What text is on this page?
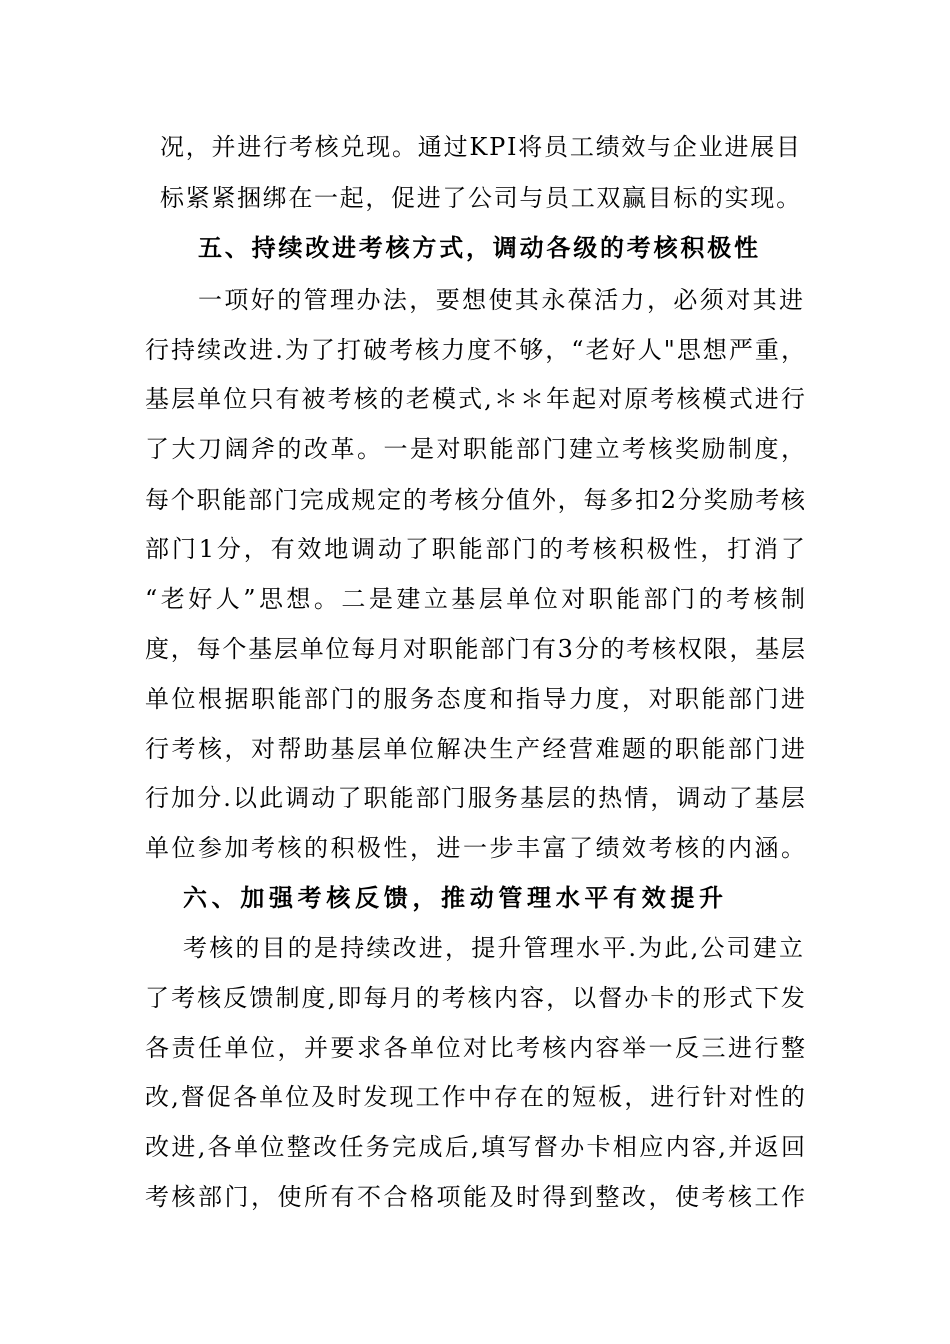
况，并进行考核兑现。通过KPI将员工绩效与企业进展目
标紧紧捆绑在一起，促进了公司与员工双赢目标的实现。
五、持续改进考核方式，调动各级的考核积极性
一项好的管理办法，要想使其永葆活力，必须对其进
行持续改进.为了打破考核力度不够，“老好人"思想严重，
基层单位只有被考核的老模式,＊＊年起对原考核模式进行
了大刀阔斧的改革。一是对职能部门建立考核奖励制度，
每个职能部门完成规定的考核分值外，每多扣2分奖励考核
部门1分，有效地调动了职能部门的考核积极性，打消了
“老好人”思想。二是建立基层单位对职能部门的考核制
度，每个基层单位每月对职能部门有3分的考核权限，基层
单位根据职能部门的服务态度和指导力度，对职能部门进
行考核，对帮助基层单位解决生产经营难题的职能部门进
行加分.以此调动了职能部门服务基层的热情，调动了基层
单位参加考核的积极性，进一步丰富了绩效考核的内涵。
六、加强考核反馈，推动管理水平有效提升
考核的目的是持续改进，提升管理水平.为此,公司建立
了考核反馈制度,即每月的考核内容，以督办卡的形式下发
各责任单位，并要求各单位对比考核内容举一反三进行整
改,督促各单位及时发现工作中存在的短板，进行针对性的
改进,各单位整改任务完成后,填写督办卡相应内容,并返回
考核部门，使所有不合格项能及时得到整改，使考核工作
